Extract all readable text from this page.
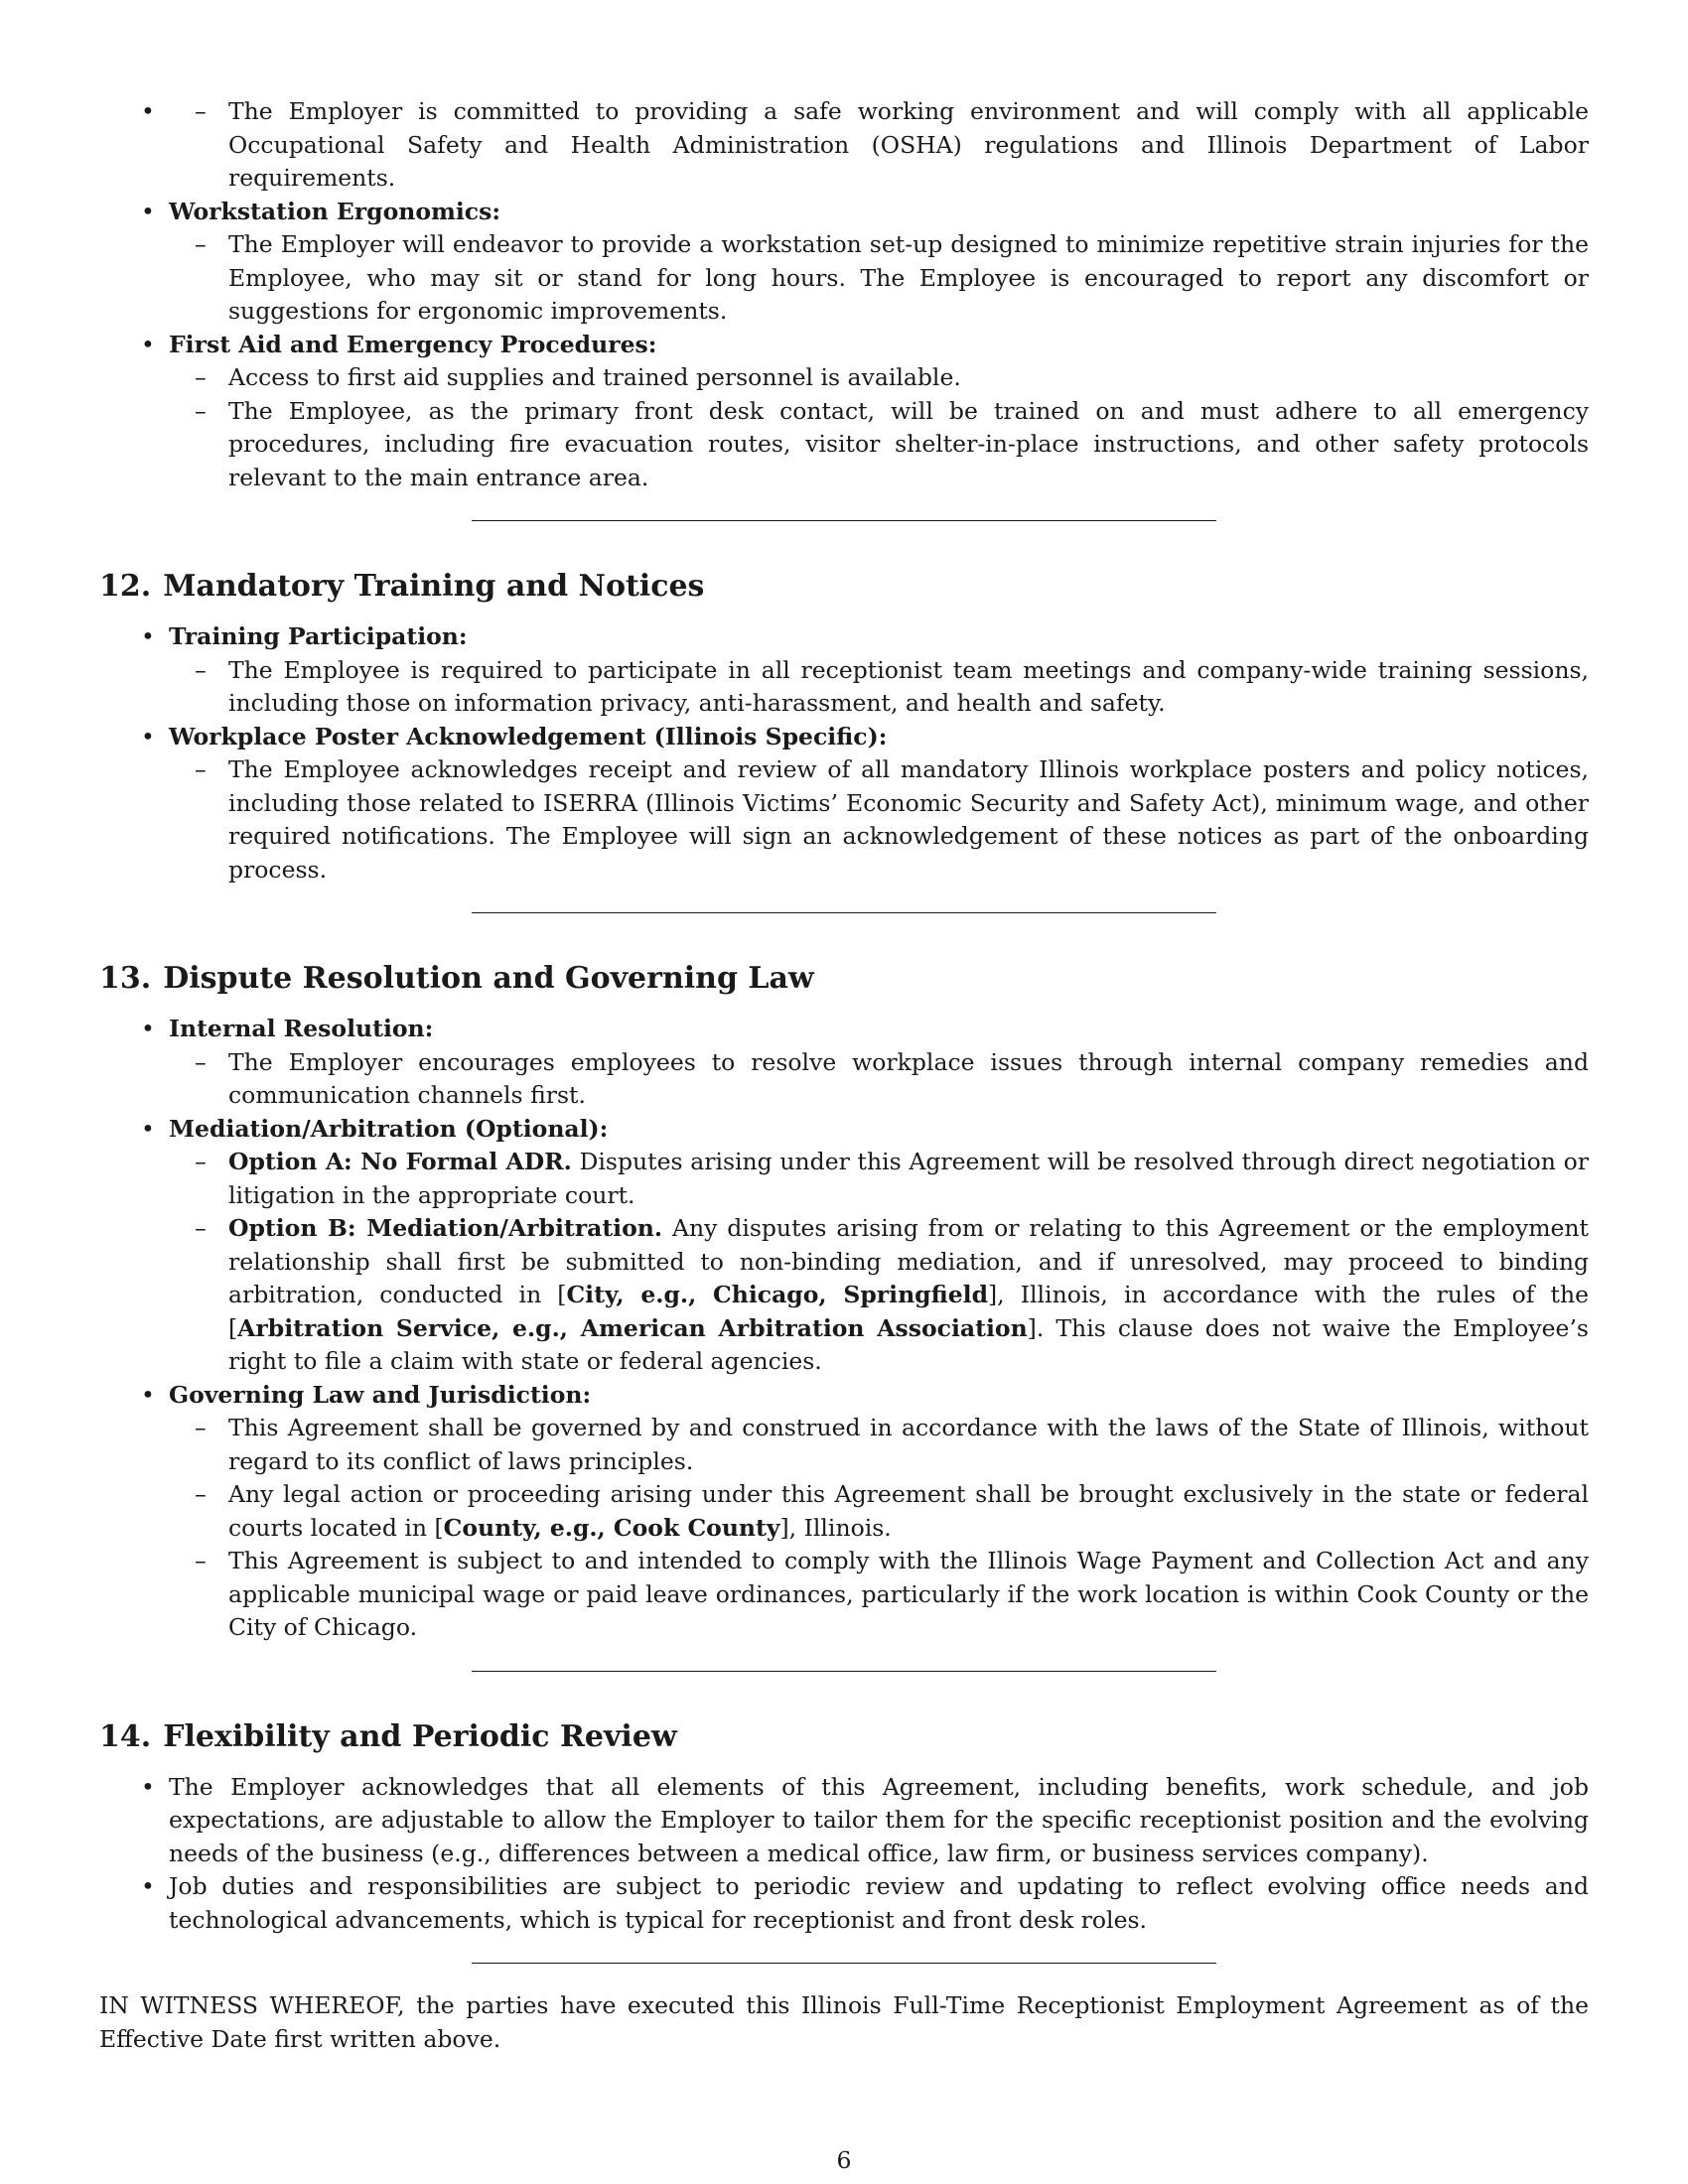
– • The Employer is committed to providing a safe working environment and will comply with all applicable Occupational Safety and Health Administration (OSHA) regulations and Illinois Department of Labor requirements.
• Workstation Ergonomics:
– The Employer will endeavor to provide a workstation set-up designed to minimize repetitive strain injuries for the Employee, who may sit or stand for long hours. The Employee is encouraged to report any discomfort or suggestions for ergonomic improvements.
• First Aid and Emergency Procedures:
– Access to first aid supplies and trained personnel is available.
– The Employee, as the primary front desk contact, will be trained on and must adhere to all emergency procedures, including fire evacuation routes, visitor shelter-in-place instructions, and other safety protocols relevant to the main entrance area.
12. Mandatory Training and Notices
• Training Participation:
– The Employee is required to participate in all receptionist team meetings and company-wide training sessions, including those on information privacy, anti-harassment, and health and safety.
• Workplace Poster Acknowledgement (Illinois Specific):
– The Employee acknowledges receipt and review of all mandatory Illinois workplace posters and policy notices, including those related to ISERRA (Illinois Victims’ Economic Security and Safety Act), minimum wage, and other required notifications. The Employee will sign an acknowledgement of these notices as part of the onboarding process.
13. Dispute Resolution and Governing Law
• Internal Resolution:
– The Employer encourages employees to resolve workplace issues through internal company remedies and communication channels first.
• Mediation/Arbitration (Optional):
– Option A: No Formal ADR. Disputes arising under this Agreement will be resolved through direct negotiation or litigation in the appropriate court.
– Option B: Mediation/Arbitration. Any disputes arising from or relating to this Agreement or the employment relationship shall first be submitted to non-binding mediation, and if unresolved, may proceed to binding arbitration, conducted in [City, e.g., Chicago, Springfield], Illinois, in accordance with the rules of the [Arbitration Service, e.g., American Arbitration Association]. This clause does not waive the Employee’s right to file a claim with state or federal agencies.
• Governing Law and Jurisdiction:
– This Agreement shall be governed by and construed in accordance with the laws of the State of Illinois, without regard to its conflict of laws principles.
– Any legal action or proceeding arising under this Agreement shall be brought exclusively in the state or federal courts located in [County, e.g., Cook County], Illinois.
– This Agreement is subject to and intended to comply with the Illinois Wage Payment and Collection Act and any applicable municipal wage or paid leave ordinances, particularly if the work location is within Cook County or the City of Chicago.
14. Flexibility and Periodic Review
• The Employer acknowledges that all elements of this Agreement, including benefits, work schedule, and job expectations, are adjustable to allow the Employer to tailor them for the specific receptionist position and the evolving needs of the business (e.g., differences between a medical office, law firm, or business services company).
• Job duties and responsibilities are subject to periodic review and updating to reflect evolving office needs and technological advancements, which is typical for receptionist and front desk roles.

IN WITNESS WHEREOF, the parties have executed this Illinois Full-Time Receptionist Employment Agreement as of the Effective Date first written above.

6
